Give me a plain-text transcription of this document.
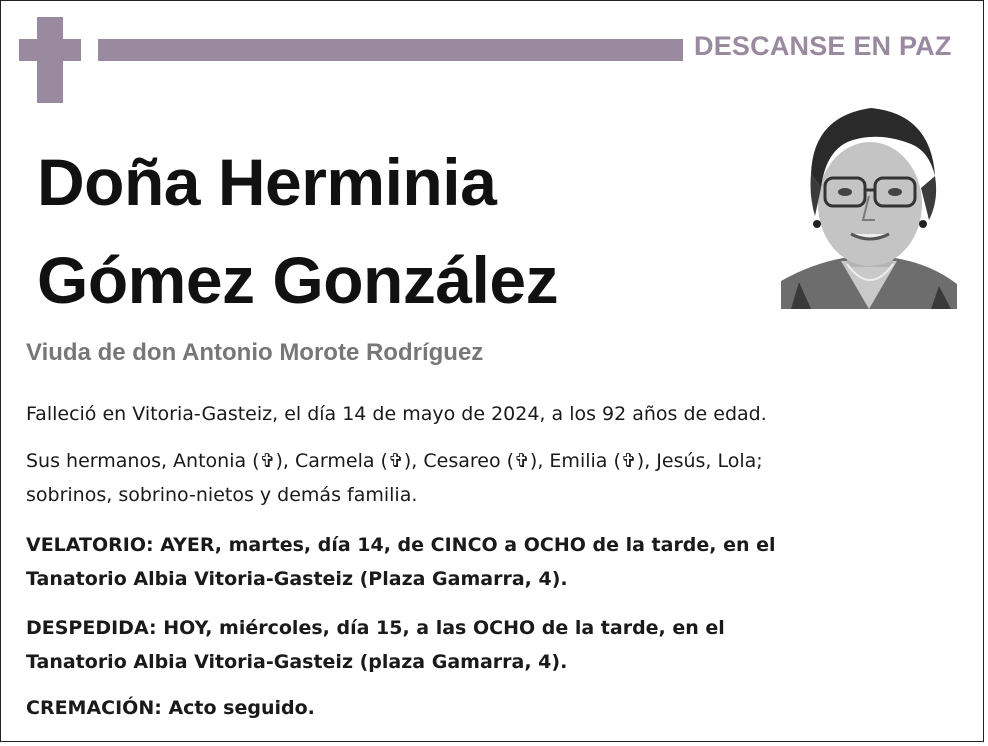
DESCANSE EN PAZ
Doña Herminia
Gómez González
Viuda de don Antonio Morote Rodríguez
Falleció en Vitoria-Gasteiz, el día 14 de mayo de 2024, a los 92 años de edad.
Sus hermanos, Antonia (✞), Carmela (✞), Cesareo (✞), Emilia (✞), Jesús, Lola;
sobrinos, sobrino-nietos y demás familia.
VELATORIO: AYER, martes, día 14, de CINCO a OCHO de la tarde, en el
Tanatorio Albia Vitoria-Gasteiz (Plaza Gamarra, 4).
DESPEDIDA: HOY, miércoles, día 15, a las OCHO de la tarde, en el
Tanatorio Albia Vitoria-Gasteiz (plaza Gamarra, 4).
CREMACIÓN: Acto seguido.
